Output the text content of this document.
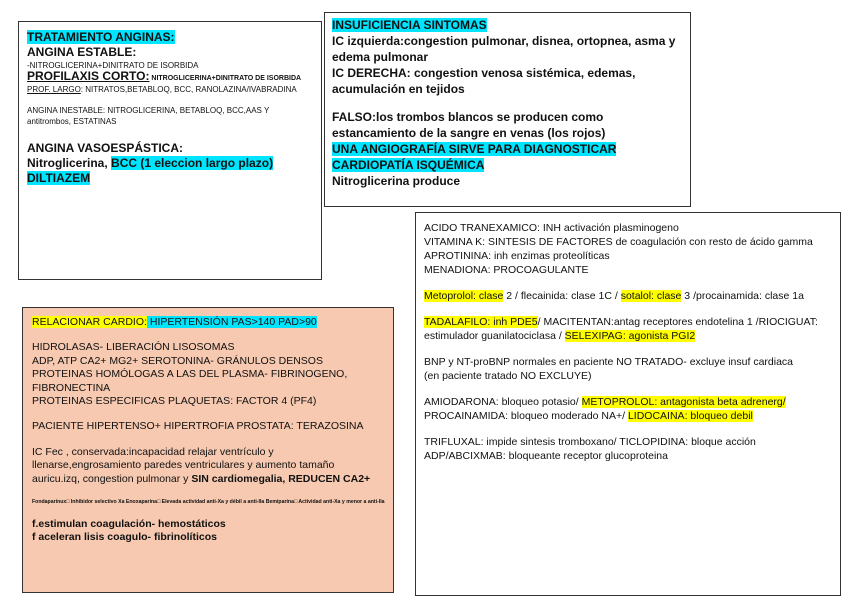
TRATAMIENTO ANGINAS:

ANGINA ESTABLE:

-NITROGLICERINA+DINITRATO DE ISORBIDA

PROFILAXIS CORTO: NITROGLICERINA+DINITRATO DE ISORBIDA

PROF. LARGO: NITRATOS,BETABLOQ, BCC, RANOLAZINA/IVABRADINA

ANGINA INESTABLE: NITROGLICERINA, BETABLOQ, BCC,AAS Y antitrombos, ESTATINAS

ANGINA VASOESPÁSTICA:

Nitroglicerina, BCC (1 eleccion largo plazo)

DILTIAZEM

INSUFICIENCIA SINTOMAS

IC izquierda:congestion pulmonar, disnea, ortopnea, asma y edema pulmonar

IC DERECHA: congestion venosa sistémica, edemas, acumulación en tejidos

FALSO:los trombos blancos se producen como estancamiento de la sangre en venas (los rojos)

UNA ANGIOGRAFÍA SIRVE PARA DIAGNOSTICAR CARDIOPATÍA ISQUÉMICA

Nitroglicerina produce

RELACIONAR CARDIO: HIPERTENSIÓN PAS>140 PAD>90

HIDROLASAS- LIBERACIÓN LISOSOMAS

ADP, ATP CA2+ MG2+ SEROTONINA- GRÁNULOS DENSOS

PROTEINAS HOMÓLOGAS A LAS DEL PLASMA- FIBRINOGENO, FIBRONECTINA

PROTEINAS ESPECIFICAS PLAQUETAS: FACTOR 4 (PF4)

PACIENTE HIPERTENSO+ HIPERTROFIA PROSTATA: TERAZOSINA

IC Fec , conservada:incapacidad relajar ventrículo y llenarse,engrosamiento paredes ventriculares y aumento tamaño auricu.izq, congestion pulmonar y SIN cardiomegalia, REDUCEN CA2+

Fondaparinux□ Inhibidor selectivo Xa Enoxaparina□ Elevada actividad anti-Xa y débil a anti-IIa Bemiparina□ Actividad anti-Xa y menor a anti-IIa

f.estimulan coagulación- hemostáticos

f aceleran lisis coagulo- fibrinolíticos

ACIDO TRANEXAMICO: INH activación plasminogeno

VITAMINA K: SINTESIS DE FACTORES de coagulación con resto de ácido gamma

APROTININA: inh enzimas proteolíticas

MENADIONA: PROCOAGULANTE

Metoprolol: clase 2 / flecainida: clase 1C / sotalol: clase 3 /procainamida: clase 1a

TADALAFILO: inh PDE5/ MACITENTAN:antag receptores endotelina 1 /RIOCIGUAT: estimulador guanilatociclasa / SELEXIPAG: agonista PGI2

BNP y NT-proBNP normales en paciente NO TRATADO- excluye insuf cardiaca

(en paciente tratado NO EXCLUYE)

AMIODARONA: bloqueo potasio/ METOPROLOL: antagonista beta adrenerg/ PROCAINAMIDA: bloqueo moderado NA+/ LIDOCAINA: bloqueo debil

TRIFLUXAL: impide sintesis tromboxano/ TICLOPIDINA: bloque acción ADP/ABCIXMAB: bloqueante receptor glucoproteina
